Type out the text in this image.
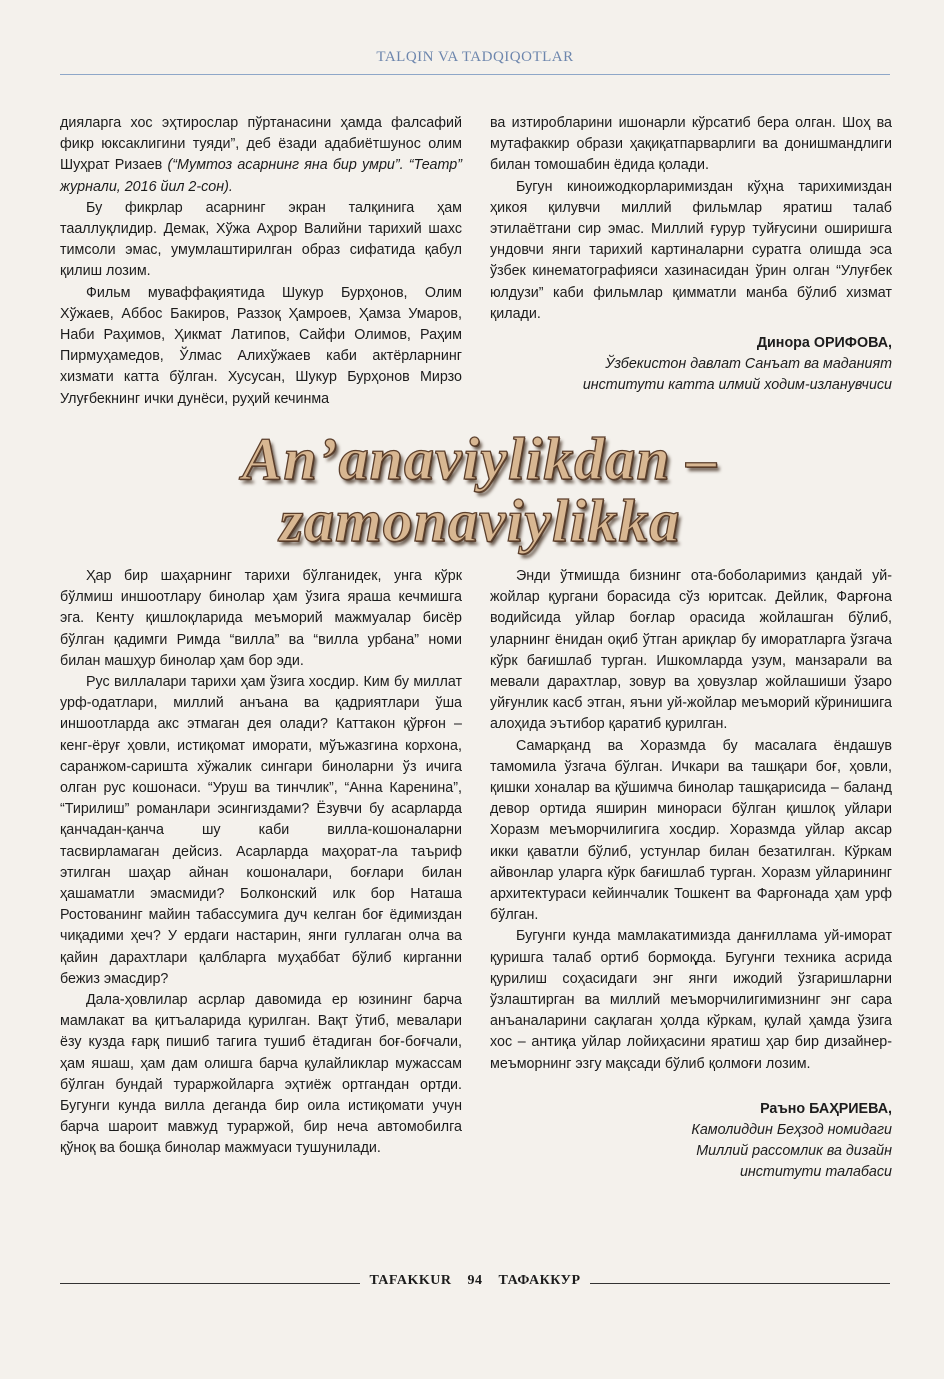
TALQIN VA TADQIQOTLAR

дияларга хос эҳтирослар пўртанасини ҳамда фалсафий фикр юксаклигини туяди”, деб ёзади адабиётшунос олим Шуҳрат Ризаев (“Мумтоз асарнинг яна бир умри”. “Театр” журнали, 2016 йил 2-сон).

Бу фикрлар асарнинг экран талқинига ҳам тааллуқлидир. Демак, Хўжа Аҳрор Валийни тарихий шахс тимсоли эмас, умумлаштирилган образ сифатида қабул қилиш лозим.

Фильм муваффақиятида Шукур Бурҳонов, Олим Хўжаев, Аббос Бакиров, Раззоқ Ҳамроев, Ҳамза Умаров, Наби Раҳимов, Ҳикмат Латипов, Сайфи Олимов, Раҳим Пирмуҳамедов, Ўлмас Алихўжаев каби актёрларнинг хизмати катта бўлган. Хусусан, Шукур Бурҳонов Мирзо Улуғбекнинг ички дунёси, руҳий кечинма

ва изтиробларини ишонарли кўрсатиб бера олган. Шоҳ ва мутафаккир образи ҳақиқатпарварлиги ва донишмандлиги билан томошабин ёдида қолади.

Бугун киноижодкорларимиздан кўҳна тарихимиздан ҳикоя қилувчи миллий фильмлар яратиш талаб этилаётгани сир эмас. Миллий ғурур туйғусини оширишга ундовчи янги тарихий картиналарни суратга олишда эса ўзбек кинематографияси хазинасидан ўрин олган “Улуғбек юлдузи” каби фильмлар қимматли манба бўлиб хизмат қилади.

Динора ОРИФОВА,
Ўзбекистон давлат Санъат ва маданият
институти катта илмий ходим-изланувчиси
An’anaviylikdan –
zamonaviylikka

Ҳар бир шаҳарнинг тарихи бўлганидек, унга кўрк бўлмиш иншоотлару бинолар ҳам ўзига яраша кечмишга эга. Кенту қишлоқларида меъморий мажмуалар бисёр бўлган қадимги Римда “вилла” ва “вилла урбана” номи билан машҳур бинолар ҳам бор эди.

Рус виллалари тарихи ҳам ўзига хосдир. Ким бу миллат урф-одатлари, миллий анъана ва қадриятлари ўша иншоотларда акс этмаган дея олади? Каттакон қўрғон – кенг-ёруғ ҳовли, истиқомат иморати, мўъжазгина корхона, саранжом-саришта хўжалик сингари биноларни ўз ичига олган рус кошонаси. “Уруш ва тинчлик”, “Анна Каренина”, “Тирилиш” романлари эсингиздами? Ёзувчи бу асарларда қанчадан-қанча шу каби вилла-кошоналарни тасвирламаган дейсиз. Асарларда маҳорат-ла таъриф этилган шаҳар айнан кошоналари, боғлари билан ҳашаматли эмасмиди? Болконский илк бор Наташа Ростованинг майин табассумига дуч келган боғ ёдимиздан чиқадими ҳеч? У ердаги настарин, янги гуллаган олча ва қайин дарахтлари қалбларга муҳаббат бўлиб кирганни бежиз эмасдир?

Дала-ҳовлилар асрлар давомида ер юзининг барча мамлакат ва қитъаларида қурилган. Вақт ўтиб, мевалари ёзу кузда ғарқ пишиб тагига тушиб ётадиган боғ-боғчали, ҳам яшаш, ҳам дам олишга барча қулайликлар мужассам бўлган бундай тураржойларга эҳтиёж ортгандан ортди. Бугунги кунда вилла деганда бир оила истиқомати учун барча шароит мавжуд тураржой, бир неча автомобилга қўноқ ва бошқа бинолар мажмуаси тушунилади.

Энди ўтмишда бизнинг ота-боболаримиз қандай уй-жойлар қургани борасида сўз юритсак. Дейлик, Фарғона водийсида уйлар боғлар орасида жойлашган бўлиб, уларнинг ёнидан оқиб ўтган ариқлар бу иморатларга ўзгача кўрк бағишлаб турган. Ишкомларда узум, манзарали ва мевали дарахтлар, зовур ва ҳовузлар жойлашиши ўзаро уйғунлик касб этган, яъни уй-жойлар меъморий кўринишига алоҳида эътибор қаратиб қурилган.

Самарқанд ва Хоразмда бу масалага ёндашув тамомила ўзгача бўлган. Ичкари ва ташқари боғ, ҳовли, қишки хоналар ва қўшимча бинолар ташқарисида – баланд девор ортида яширин минораси бўлган қишлоқ уйлари Хоразм меъморчилигига хосдир. Хоразмда уйлар аксар икки қаватли бўлиб, устунлар билан безатилган. Кўркам айвонлар уларга кўрк бағишлаб турган. Хоразм уйларининг архитектураси кейинчалик Тошкент ва Фарғонада ҳам урф бўлган.

Бугунги кунда мамлакатимизда данғиллама уй-иморат қуришга талаб ортиб бормоқда. Бугунги техника асрида қурилиш соҳасидаги энг янги ижодий ўзгаришларни ўзлаштирган ва миллий меъморчилигимизнинг энг сара анъаналарини сақлаган ҳолда кўркам, қулай ҳамда ўзига хос – антиқа уйлар лойиҳасини яратиш ҳар бир дизайнер-меъморнинг эзгу мақсади бўлиб қолмоғи лозим.

Раъно БАҲРИЕВА,
Камолиддин Беҳзод номидаги
Миллий рассомлик ва дизайн
институти талабаси
TAFAKKUR 94 ТАФАККУР
